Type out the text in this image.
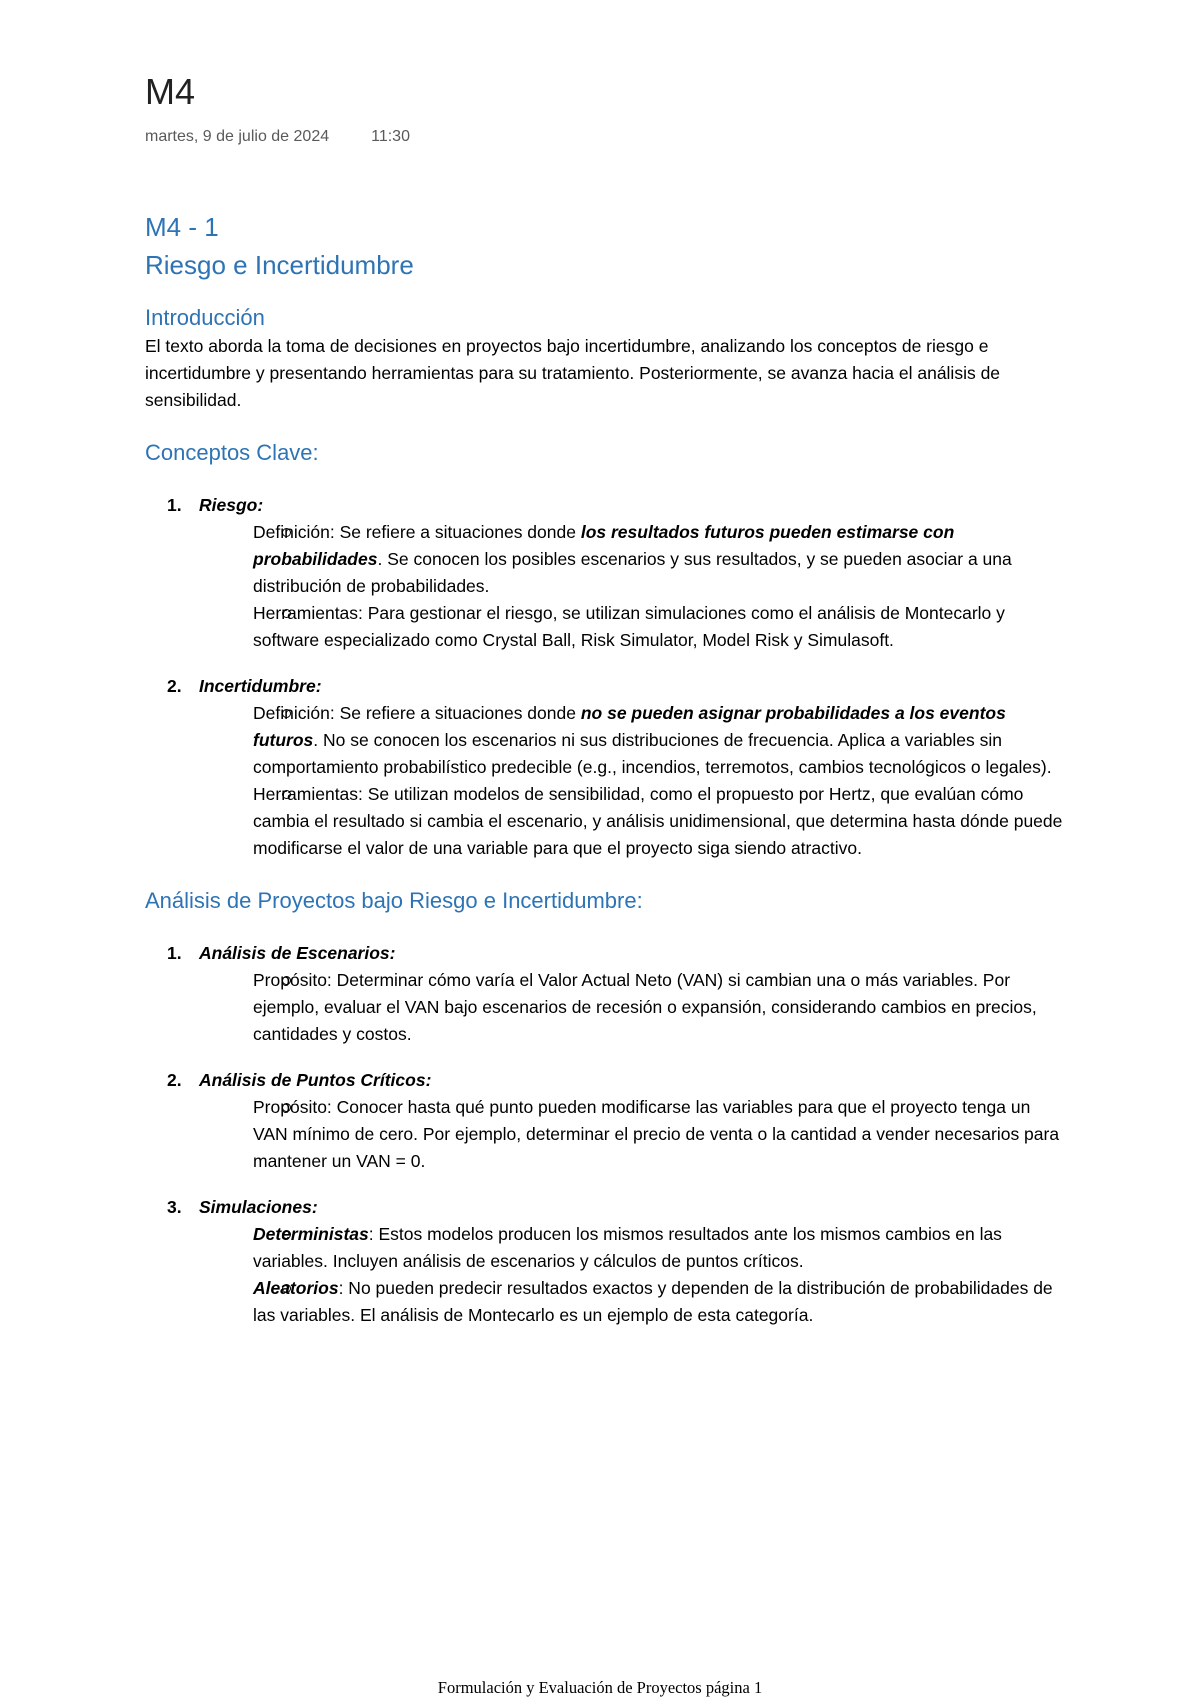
M4
martes, 9 de julio de 2024	11:30
M4 - 1
Riesgo e Incertidumbre
Introducción

El texto aborda la toma de decisiones en proyectos bajo incertidumbre, analizando los conceptos de riesgo e incertidumbre y presentando herramientas para su tratamiento. Posteriormente, se avanza hacia el análisis de sensibilidad.

Conceptos Clave:
1. Riesgo:
Definición: Se refiere a situaciones donde los resultados futuros pueden estimarse con probabilidades. Se conocen los posibles escenarios y sus resultados, y se pueden asociar a una distribución de probabilidades.
Herramientas: Para gestionar el riesgo, se utilizan simulaciones como el análisis de Montecarlo y software especializado como Crystal Ball, Risk Simulator, Model Risk y Simulasoft.
2. Incertidumbre:
Definición: Se refiere a situaciones donde no se pueden asignar probabilidades a los eventos futuros. No se conocen los escenarios ni sus distribuciones de frecuencia. Aplica a variables sin comportamiento probabilístico predecible (e.g., incendios, terremotos, cambios tecnológicos o legales).
Herramientas: Se utilizan modelos de sensibilidad, como el propuesto por Hertz, que evalúan cómo cambia el resultado si cambia el escenario, y análisis unidimensional, que determina hasta dónde puede modificarse el valor de una variable para que el proyecto siga siendo atractivo.
Análisis de Proyectos bajo Riesgo e Incertidumbre:
1. Análisis de Escenarios:
Propósito: Determinar cómo varía el Valor Actual Neto (VAN) si cambian una o más variables. Por ejemplo, evaluar el VAN bajo escenarios de recesión o expansión, considerando cambios en precios, cantidades y costos.
2. Análisis de Puntos Críticos:
Propósito: Conocer hasta qué punto pueden modificarse las variables para que el proyecto tenga un VAN mínimo de cero. Por ejemplo, determinar el precio de venta o la cantidad a vender necesarios para mantener un VAN = 0.
3. Simulaciones:
Deterministas: Estos modelos producen los mismos resultados ante los mismos cambios en las variables. Incluyen análisis de escenarios y cálculos de puntos críticos.
Aleatorios: No pueden predecir resultados exactos y dependen de la distribución de probabilidades de las variables. El análisis de Montecarlo es un ejemplo de esta categoría.
Formulación y Evaluación de Proyectos página 1
